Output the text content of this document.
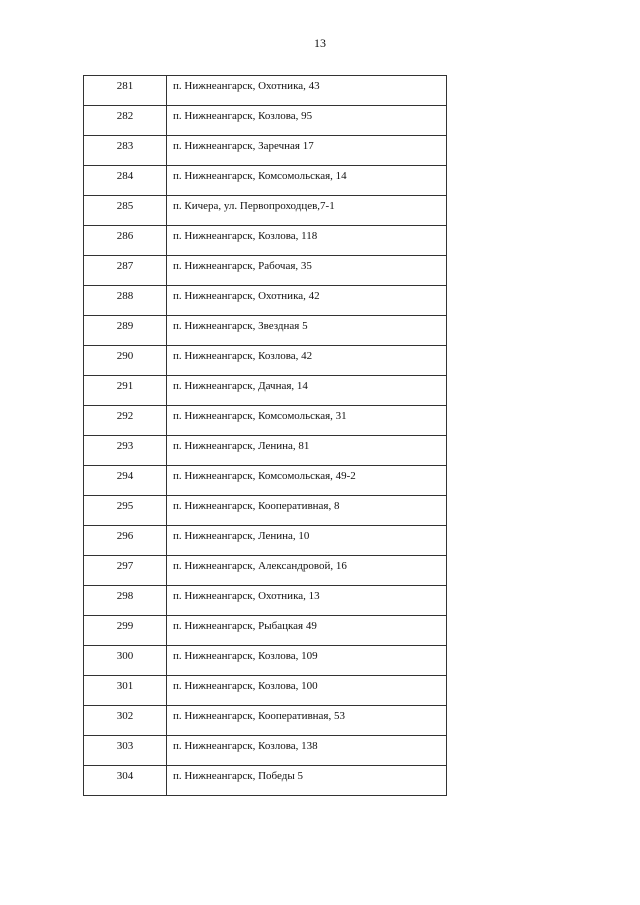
13
281	п. Нижнеангарск, Охотника, 43
282	п. Нижнеангарск, Козлова, 95
283	п. Нижнеангарск, Заречная 17
284	п. Нижнеангарск, Комсомольская, 14
285	п. Кичера, ул. Первопроходцев,7-1
286	п. Нижнеангарск, Козлова, 118
287	п. Нижнеангарск, Рабочая, 35
288	п. Нижнеангарск, Охотника, 42
289	п. Нижнеангарск, Звездная 5
290	п. Нижнеангарск, Козлова, 42
291	п. Нижнеангарск, Дачная, 14
292	п. Нижнеангарск, Комсомольская, 31
293	п. Нижнеангарск, Ленина, 81
294	п. Нижнеангарск, Комсомольская, 49-2
295	п. Нижнеангарск, Кооперативная, 8
296	п. Нижнеангарск, Ленина, 10
297	п. Нижнеангарск, Александровой, 16
298	п. Нижнеангарск, Охотника, 13
299	п. Нижнеангарск, Рыбацкая 49
300	п. Нижнеангарск, Козлова, 109
301	п. Нижнеангарск, Козлова, 100
302	п. Нижнеангарск, Кооперативная, 53
303	п. Нижнеангарск, Козлова, 138
304	п. Нижнеангарск, Победы 5
